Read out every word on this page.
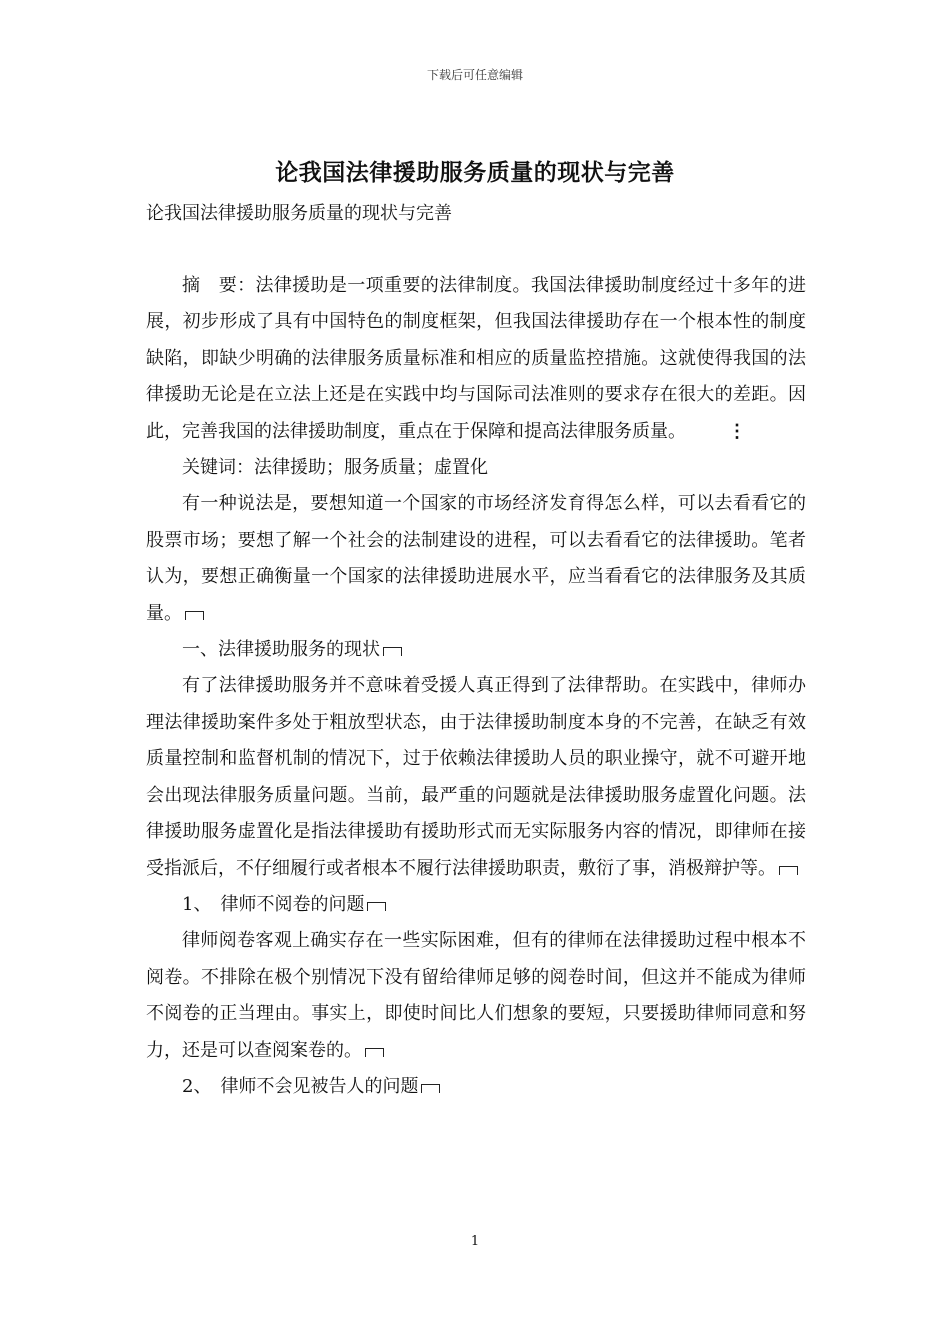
下载后可任意编辑
论我国法律援助服务质量的现状与完善
论我国法律援助服务质量的现状与完善

摘　要：法律援助是一项重要的法律制度。我国法律援助制度经过十多年的进展，初步形成了具有中国特色的制度框架，但我国法律援助存在一个根本性的制度缺陷，即缺少明确的法律服务质量标准和相应的质量监控措施。这就使得我国的法律援助无论是在立法上还是在实践中均与国际司法准则的要求存在很大的差距。因此，完善我国的法律援助制度，重点在于保障和提高法律服务质量。 ⋮

关键词：法律援助；服务质量；虚置化

有一种说法是，要想知道一个国家的市场经济发育得怎么样，可以去看看它的股票市场；要想了解一个社会的法制建设的进程，可以去看看它的法律援助。笔者认为，要想正确衡量一个国家的法律援助进展水平，应当看看它的法律服务及其质量。

一、法律援助服务的现状

有了法律援助服务并不意味着受援人真正得到了法律帮助。在实践中，律师办理法律援助案件多处于粗放型状态，由于法律援助制度本身的不完善，在缺乏有效质量控制和监督机制的情况下，过于依赖法律援助人员的职业操守，就不可避开地会出现法律服务质量问题。当前，最严重的问题就是法律援助服务虚置化问题。法律援助服务虚置化是指法律援助有援助形式而无实际服务内容的情况，即律师在接受指派后，不仔细履行或者根本不履行法律援助职责，敷衍了事，消极辩护等。

1、　律师不阅卷的问题

律师阅卷客观上确实存在一些实际困难，但有的律师在法律援助过程中根本不阅卷。不排除在极个别情况下没有留给律师足够的阅卷时间，但这并不能成为律师不阅卷的正当理由。事实上，即使时间比人们想象的要短，只要援助律师同意和努力，还是可以查阅案卷的。

2、　律师不会见被告人的问题

1
